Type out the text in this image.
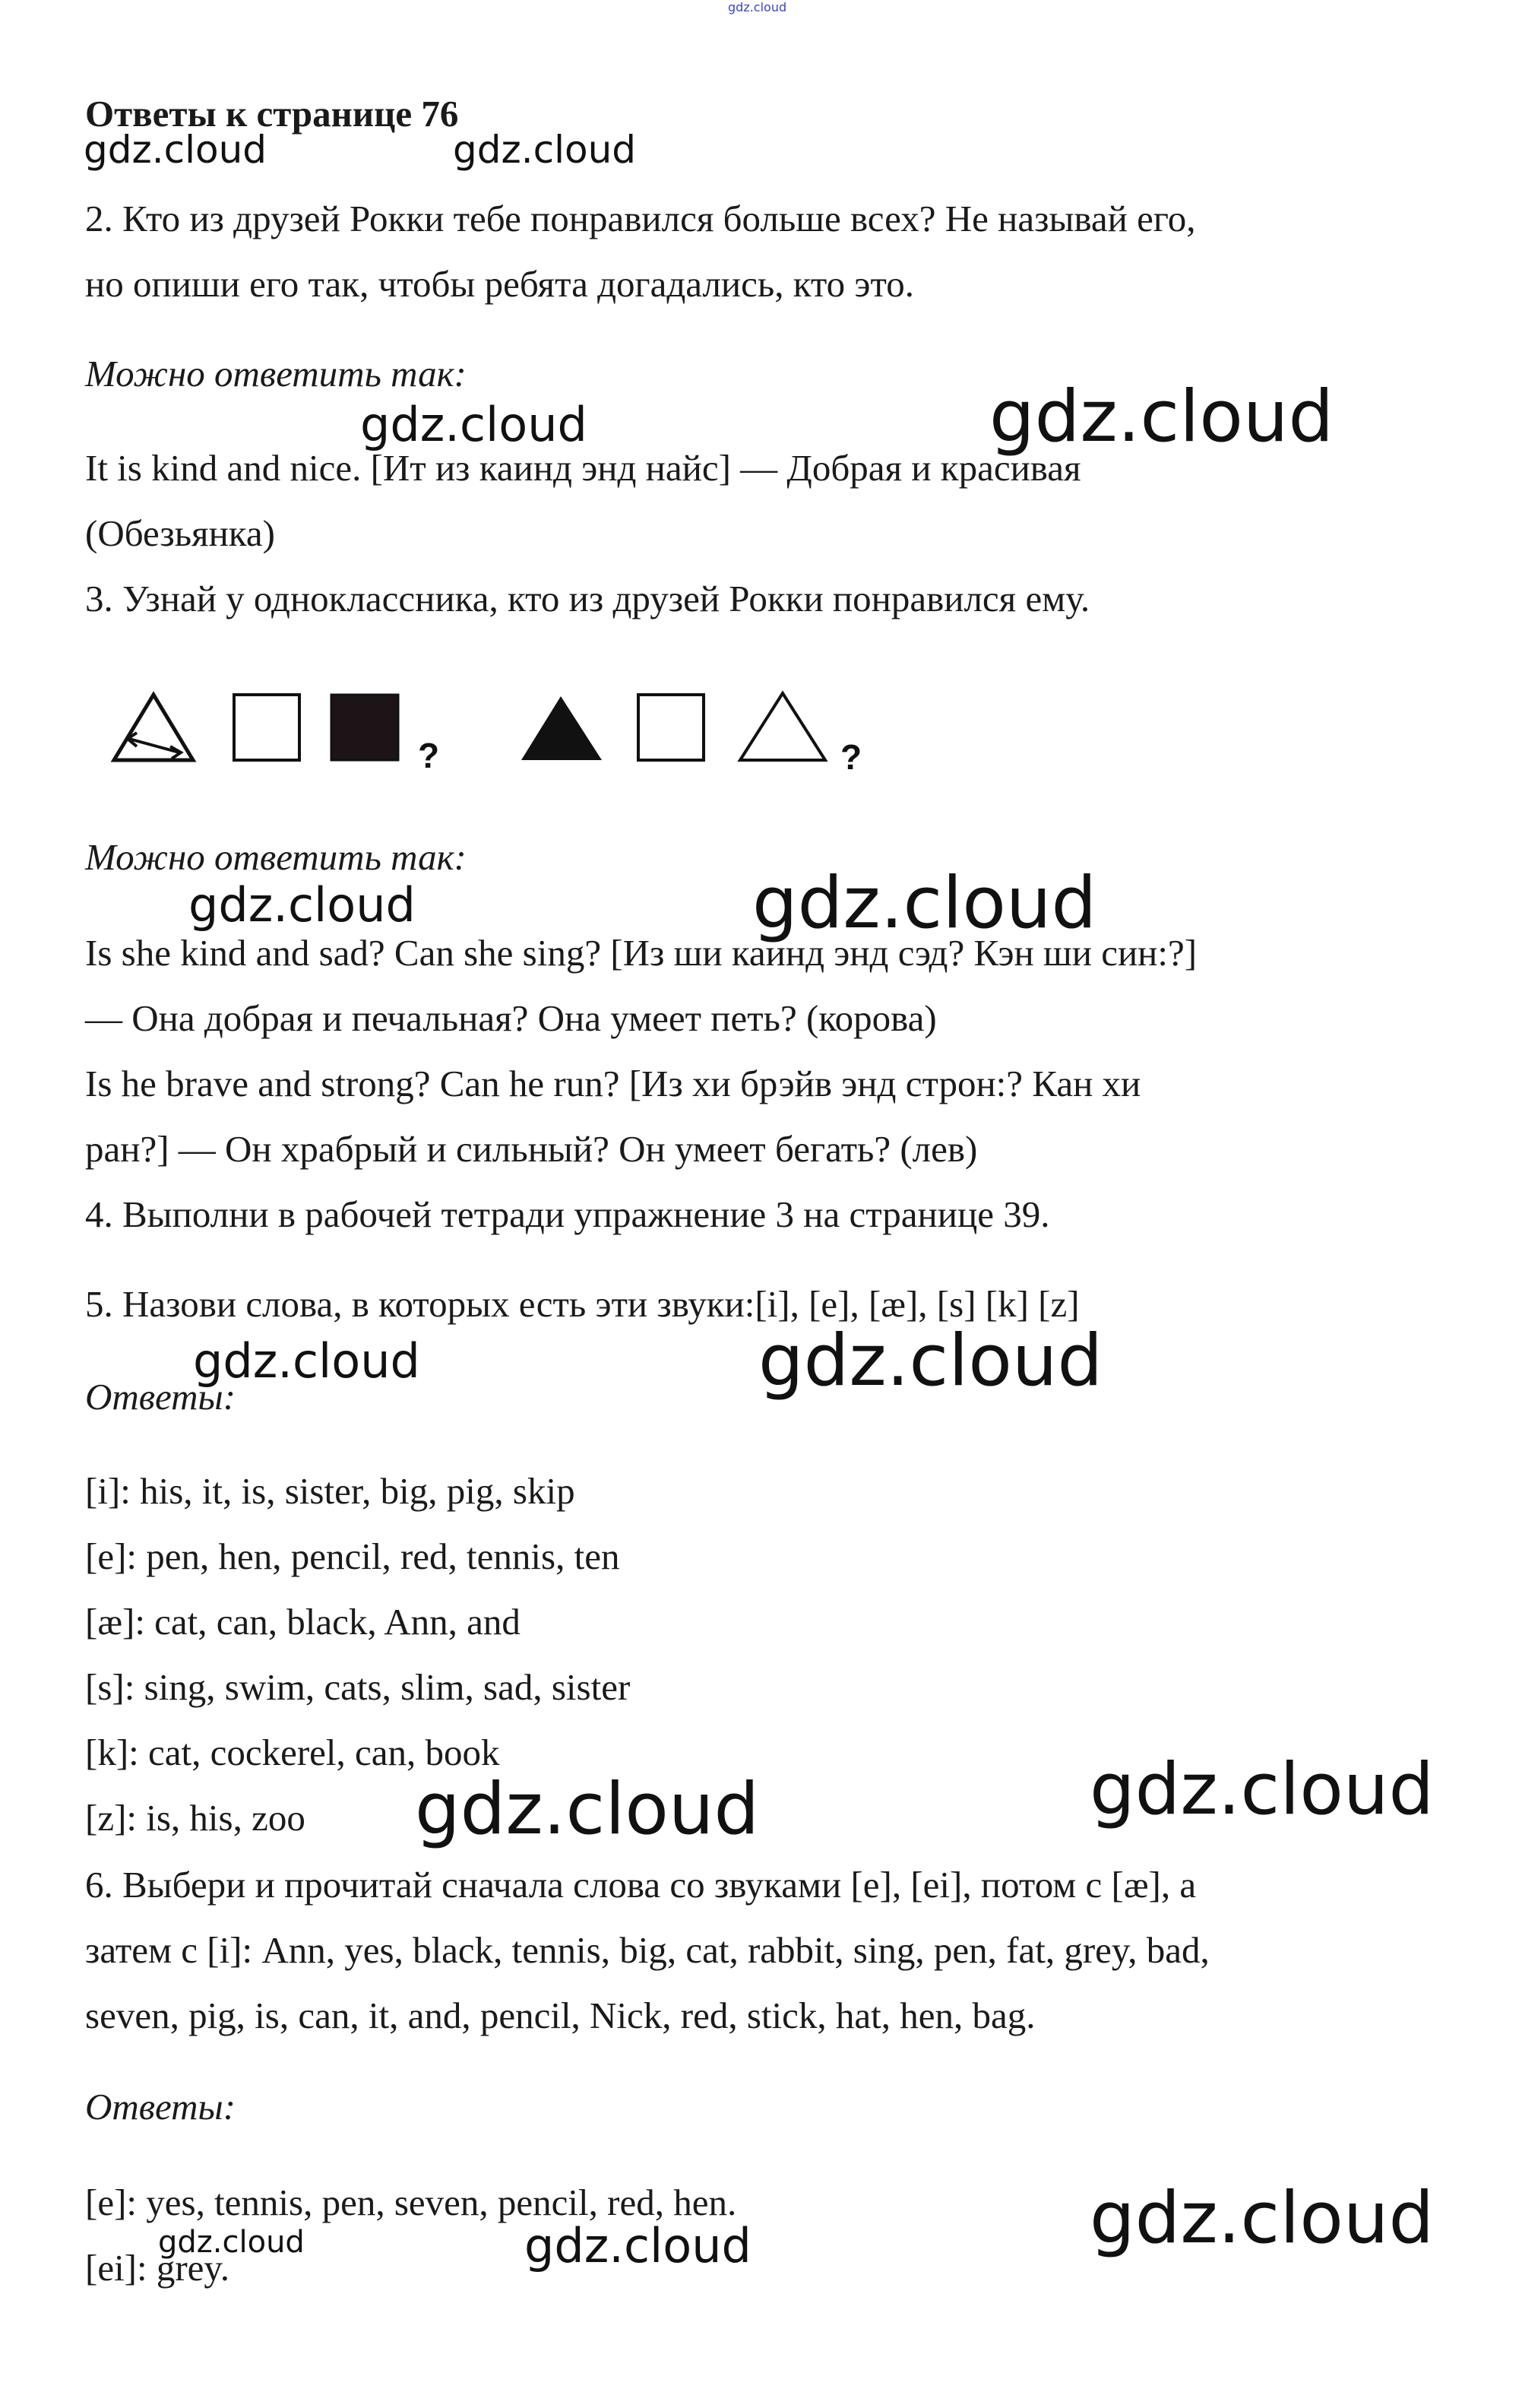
gdz.cloud
Ответы к странице 76
gdz.cloud	gdz.cloud
2. Кто из друзей Рокки тебе понравился больше всех? Не называй его,
но опиши его так, чтобы ребята догадались, кто это.
Можно ответить так:
gdz.cloud	gdz.cloud
It is kind and nice. [Ит из каинд энд найс] — Добрая и красивая
(Обезьянка)
3. Узнай у одноклассника, кто из друзей Рокки понравился ему.
?	?
Можно ответить так:
gdz.cloud	gdz.cloud
Is she kind and sad? Can she sing? [Из ши каинд энд сэд? Кэн ши син:?]
— Она добрая и печальная? Она умеет петь? (корова)
Is he brave and strong? Can he run? [Из хи брэйв энд строн:? Кан хи
ран?] — Он храбрый и сильный? Он умеет бегать? (лев)
4. Выполни в рабочей тетради упражнение 3 на странице 39.
5. Назови слова, в которых есть эти звуки:[i], [e], [æ], [s] [k] [z]
gdz.cloud	gdz.cloud
Ответы:
[i]: his, it, is, sister, big, pig, skip
[e]: pen, hen, pencil, red, tennis, ten
[æ]: cat, can, black, Ann, and
[s]: sing, swim, cats, slim, sad, sister
[k]: cat, cockerel, can, book
[z]: is, his, zoo gdz.cloud	gdz.cloud
6. Выбери и прочитай сначала слова со звуками [e], [ei], потом с [æ], а
затем с [i]: Ann, yes, black, tennis, big, cat, rabbit, sing, pen, fat, grey, bad,
seven, pig, is, can, it, and, pencil, Nick, red, stick, hat, hen, bag.
Ответы:
[e]: yes, tennis, pen, seven, pencil, red, hen.
[ei]: grey.
gdz.cloud
gdz.cloud
gdz.cloud
